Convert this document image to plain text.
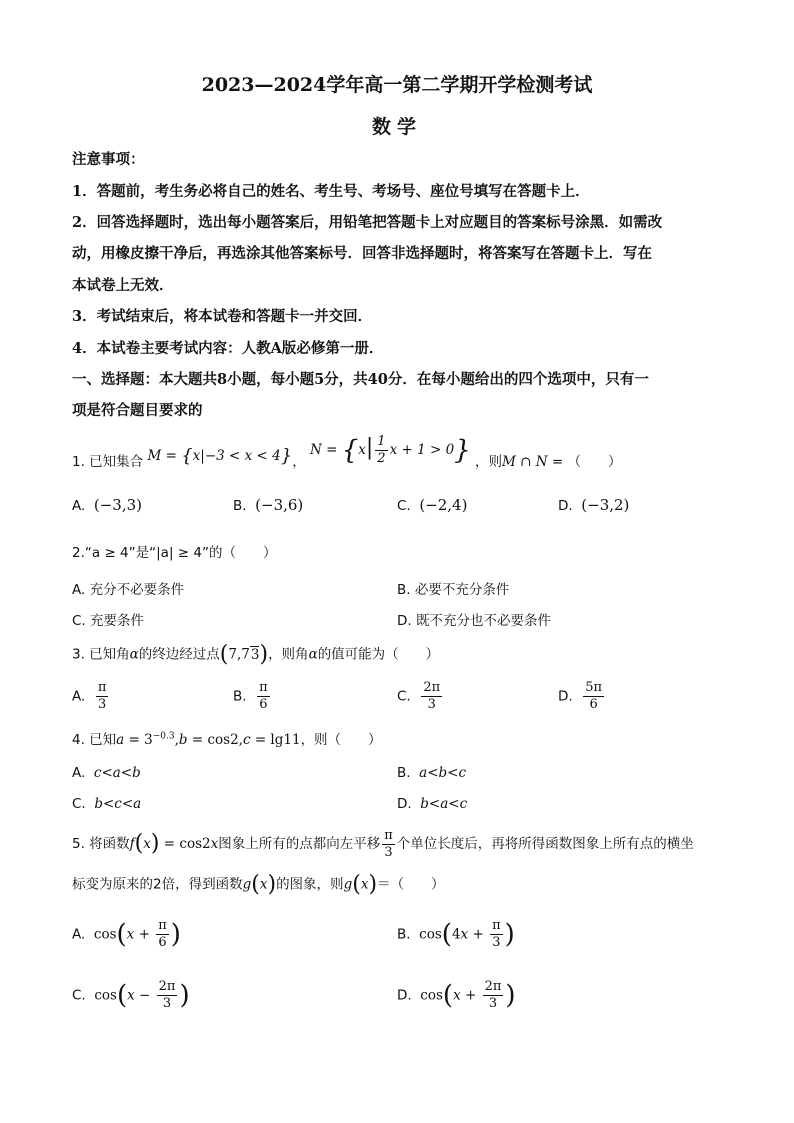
2023—2024学年高一第二学期开学检测考试
数学
注意事项：
1．答题前，考生务必将自己的姓名、考生号、考场号、座位号填写在答题卡上．
2．回答选择题时，选出每小题答案后，用铅笔把答题卡上对应题目的答案标号涂黑．如需改
动，用橡皮擦干净后，再选涂其他答案标号．回答非选择题时，将答案写在答题卡上．写在
本试卷上无效．
3．考试结束后，将本试卷和答题卡一并交回．
4．本试卷主要考试内容：人教A版必修第一册．
一、选择题：本大题共8小题，每小题5分，共40分．在每小题给出的四个选项中，只有一
项是符合题目要求的
1. 已知集合 M = {x|−3 < x < 4}， $N = \{x| \frac{1}{2}$ x + 1 > 0} ，则M ∩ N = （　　）
A. (−3,3)	B. (−3,6)	C. (−2,4)	D. (−3,2)
2.“a ≥ 4”是“|a| ≥ 4”的（　　）
A. 充分不必要条件	B. 必要不充分条件
C. 充要条件	D. 既不充分也不必要条件
3. 已知角α的终边经过点(7,73)，则角α的值可能为（　　）
A. $\frac{\pi}{3}$	B. $\frac{\pi}{6}$	C. $\frac{2\pi}{3}$	D. $\frac{5\pi}{6}$
4. 已知$a = 3^{-0.3},b = \cos 2,c = \lg 11$，则（　　）
A. c<a<b	B. a<b<c
C. b<c<a	D. b<a<c
5. 将函数f(x) = cos2x图象上所有的点都向左平移 $\frac{\pi}{3}$ 个单位长度后，再将所得函数图象上所有点的横坐
标变为原来的2倍，得到函数g(x)的图象，则g(x)＝（　　）
A. $\cos(x + \frac{\pi}{6}$ )	B. $\cos(4x + \frac{\pi}{3}$ )
C. $\cos(x - \frac{2\pi}{3}$ )	D. $\cos(x + \frac{2\pi}{3}$ )
